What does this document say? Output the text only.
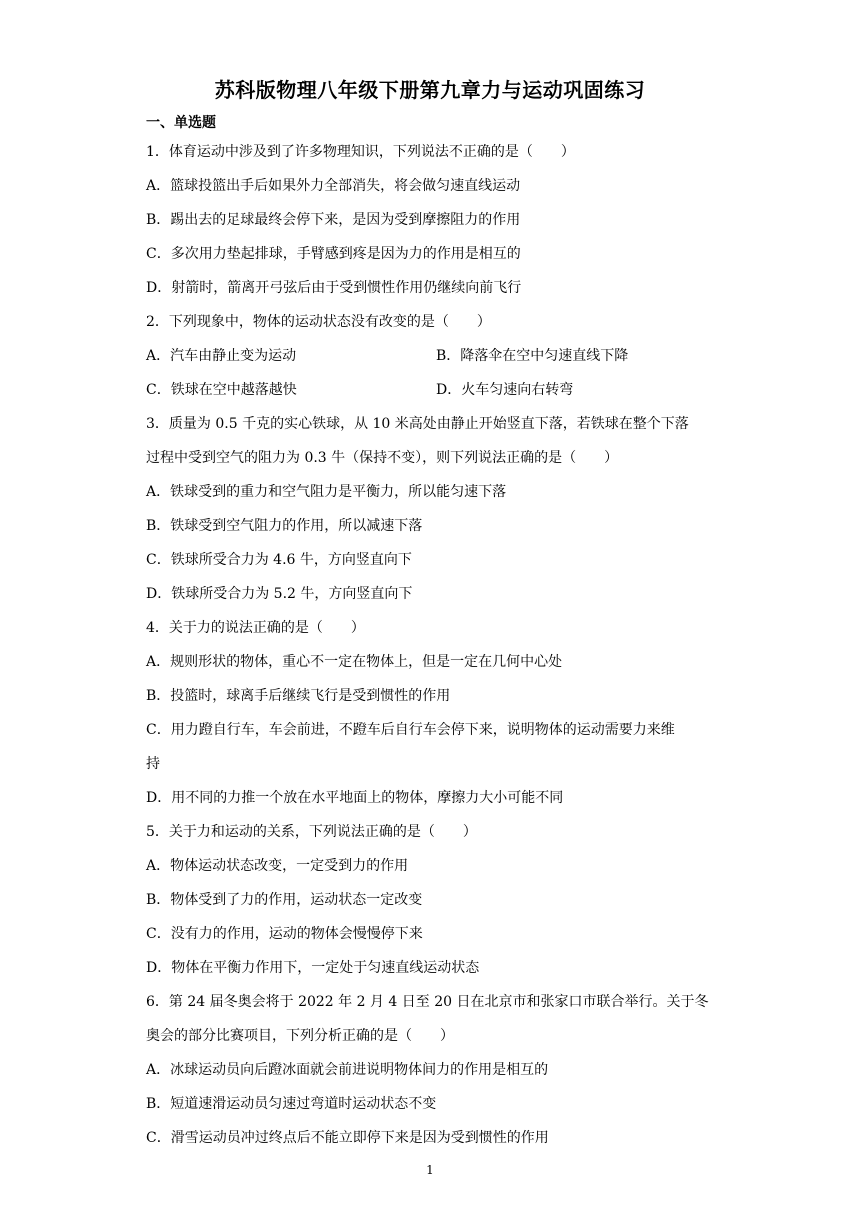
苏科版物理八年级下册第九章力与运动巩固练习
一、单选题
1．体育运动中涉及到了许多物理知识，下列说法不正确的是（　　）
A．篮球投篮出手后如果外力全部消失，将会做匀速直线运动
B．踢出去的足球最终会停下来，是因为受到摩擦阻力的作用
C．多次用力垫起排球，手臂感到疼是因为力的作用是相互的
D．射箭时，箭离开弓弦后由于受到惯性作用仍继续向前飞行
2．下列现象中，物体的运动状态没有改变的是（　　）
A．汽车由静止变为运动	B．降落伞在空中匀速直线下降
C．铁球在空中越落越快	D．火车匀速向右转弯
3．质量为 0.5 千克的实心铁球，从 10 米高处由静止开始竖直下落，若铁球在整个下落
过程中受到空气的阻力为 0.3 牛（保持不变），则下列说法正确的是（　　）
A．铁球受到的重力和空气阻力是平衡力，所以能匀速下落
B．铁球受到空气阻力的作用，所以减速下落
C．铁球所受合力为 4.6 牛，方向竖直向下
D．铁球所受合力为 5.2 牛，方向竖直向下
4．关于力的说法正确的是（　　）
A．规则形状的物体，重心不一定在物体上，但是一定在几何中心处
B．投篮时，球离手后继续飞行是受到惯性的作用
C．用力蹬自行车，车会前进，不蹬车后自行车会停下来，说明物体的运动需要力来维
持
D．用不同的力推一个放在水平地面上的物体，摩擦力大小可能不同
5．关于力和运动的关系，下列说法正确的是（　　）
A．物体运动状态改变，一定受到力的作用
B．物体受到了力的作用，运动状态一定改变
C．没有力的作用，运动的物体会慢慢停下来
D．物体在平衡力作用下，一定处于匀速直线运动状态
6．第 24 届冬奥会将于 2022 年 2 月 4 日至 20 日在北京市和张家口市联合举行。关于冬
奥会的部分比赛项目，下列分析正确的是（　　）
A．冰球运动员向后蹬冰面就会前进说明物体间力的作用是相互的
B．短道速滑运动员匀速过弯道时运动状态不变
C．滑雪运动员冲过终点后不能立即停下来是因为受到惯性的作用
1
